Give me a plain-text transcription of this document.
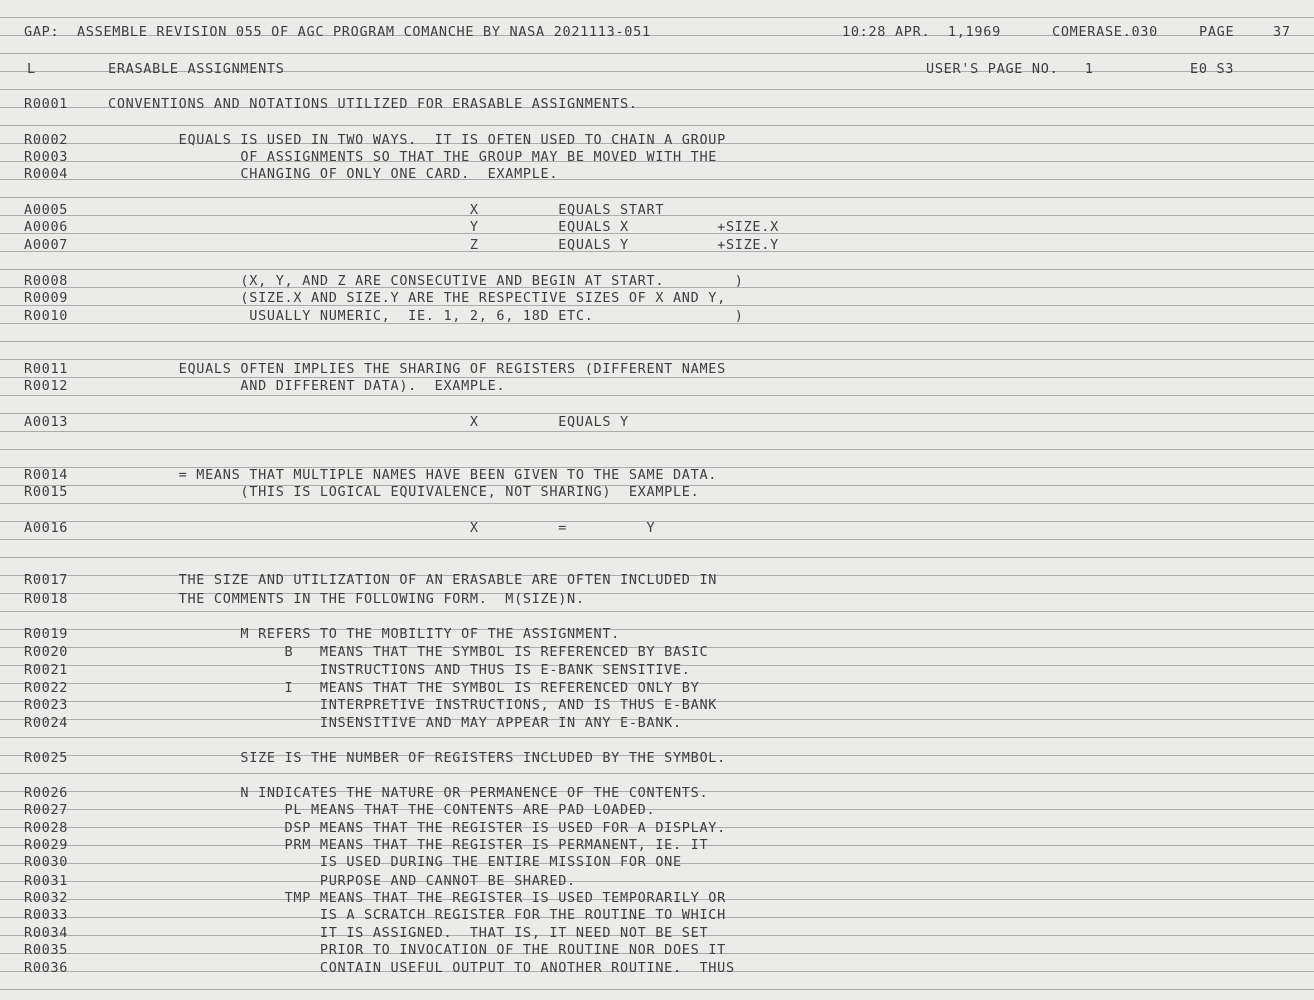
GAP:  ASSEMBLE REVISION 055 OF AGC PROGRAM COMANCHE BY NASA 2021113-051

	10:28 APR.  1,1969

	COMERASE.030

	PAGE

	37

L

	ERASABLE ASSIGNMENTS

	USER'S PAGE NO.   1

	E0 S3

R0001	CONVENTIONS AND NOTATIONS UTILIZED FOR ERASABLE ASSIGNMENTS.
R0002	EQUALS IS USED IN TWO WAYS.  IT IS OFTEN USED TO CHAIN A GROUP
R0003	OF ASSIGNMENTS SO THAT THE GROUP MAY BE MOVED WITH THE
R0004	CHANGING OF ONLY ONE CARD.  EXAMPLE.
A0005	X         EQUALS START
A0006	Y         EQUALS X          +SIZE.X
A0007	Z         EQUALS Y          +SIZE.Y
R0008	(X, Y, AND Z ARE CONSECUTIVE AND BEGIN AT START.        )
R0009	(SIZE.X AND SIZE.Y ARE THE RESPECTIVE SIZES OF X AND Y,
R0010	USUALLY NUMERIC,  IE. 1, 2, 6, 18D ETC.                )
R0011	EQUALS OFTEN IMPLIES THE SHARING OF REGISTERS (DIFFERENT NAMES
R0012	AND DIFFERENT DATA).  EXAMPLE.
A0013	X         EQUALS Y
R0014	= MEANS THAT MULTIPLE NAMES HAVE BEEN GIVEN TO THE SAME DATA.
R0015	(THIS IS LOGICAL EQUIVALENCE, NOT SHARING)  EXAMPLE.
A0016	X         =         Y
R0017	THE SIZE AND UTILIZATION OF AN ERASABLE ARE OFTEN INCLUDED IN
R0018	THE COMMENTS IN THE FOLLOWING FORM.  M(SIZE)N.
R0019	M REFERS TO THE MOBILITY OF THE ASSIGNMENT.
R0020	B   MEANS THAT THE SYMBOL IS REFERENCED BY BASIC
R0021	INSTRUCTIONS AND THUS IS E-BANK SENSITIVE.
R0022	I   MEANS THAT THE SYMBOL IS REFERENCED ONLY BY
R0023	INTERPRETIVE INSTRUCTIONS, AND IS THUS E-BANK
R0024	INSENSITIVE AND MAY APPEAR IN ANY E-BANK.
R0025	SIZE IS THE NUMBER OF REGISTERS INCLUDED BY THE SYMBOL.
R0026	N INDICATES THE NATURE OR PERMANENCE OF THE CONTENTS.
R0027	PL MEANS THAT THE CONTENTS ARE PAD LOADED.
R0028	DSP MEANS THAT THE REGISTER IS USED FOR A DISPLAY.
R0029	PRM MEANS THAT THE REGISTER IS PERMANENT, IE. IT
R0030	IS USED DURING THE ENTIRE MISSION FOR ONE
R0031	PURPOSE AND CANNOT BE SHARED.
R0032	TMP MEANS THAT THE REGISTER IS USED TEMPORARILY OR
R0033	IS A SCRATCH REGISTER FOR THE ROUTINE TO WHICH
R0034	IT IS ASSIGNED.  THAT IS, IT NEED NOT BE SET
R0035	PRIOR TO INVOCATION OF THE ROUTINE NOR DOES IT
R0036	CONTAIN USEFUL OUTPUT TO ANOTHER ROUTINE.  THUS
